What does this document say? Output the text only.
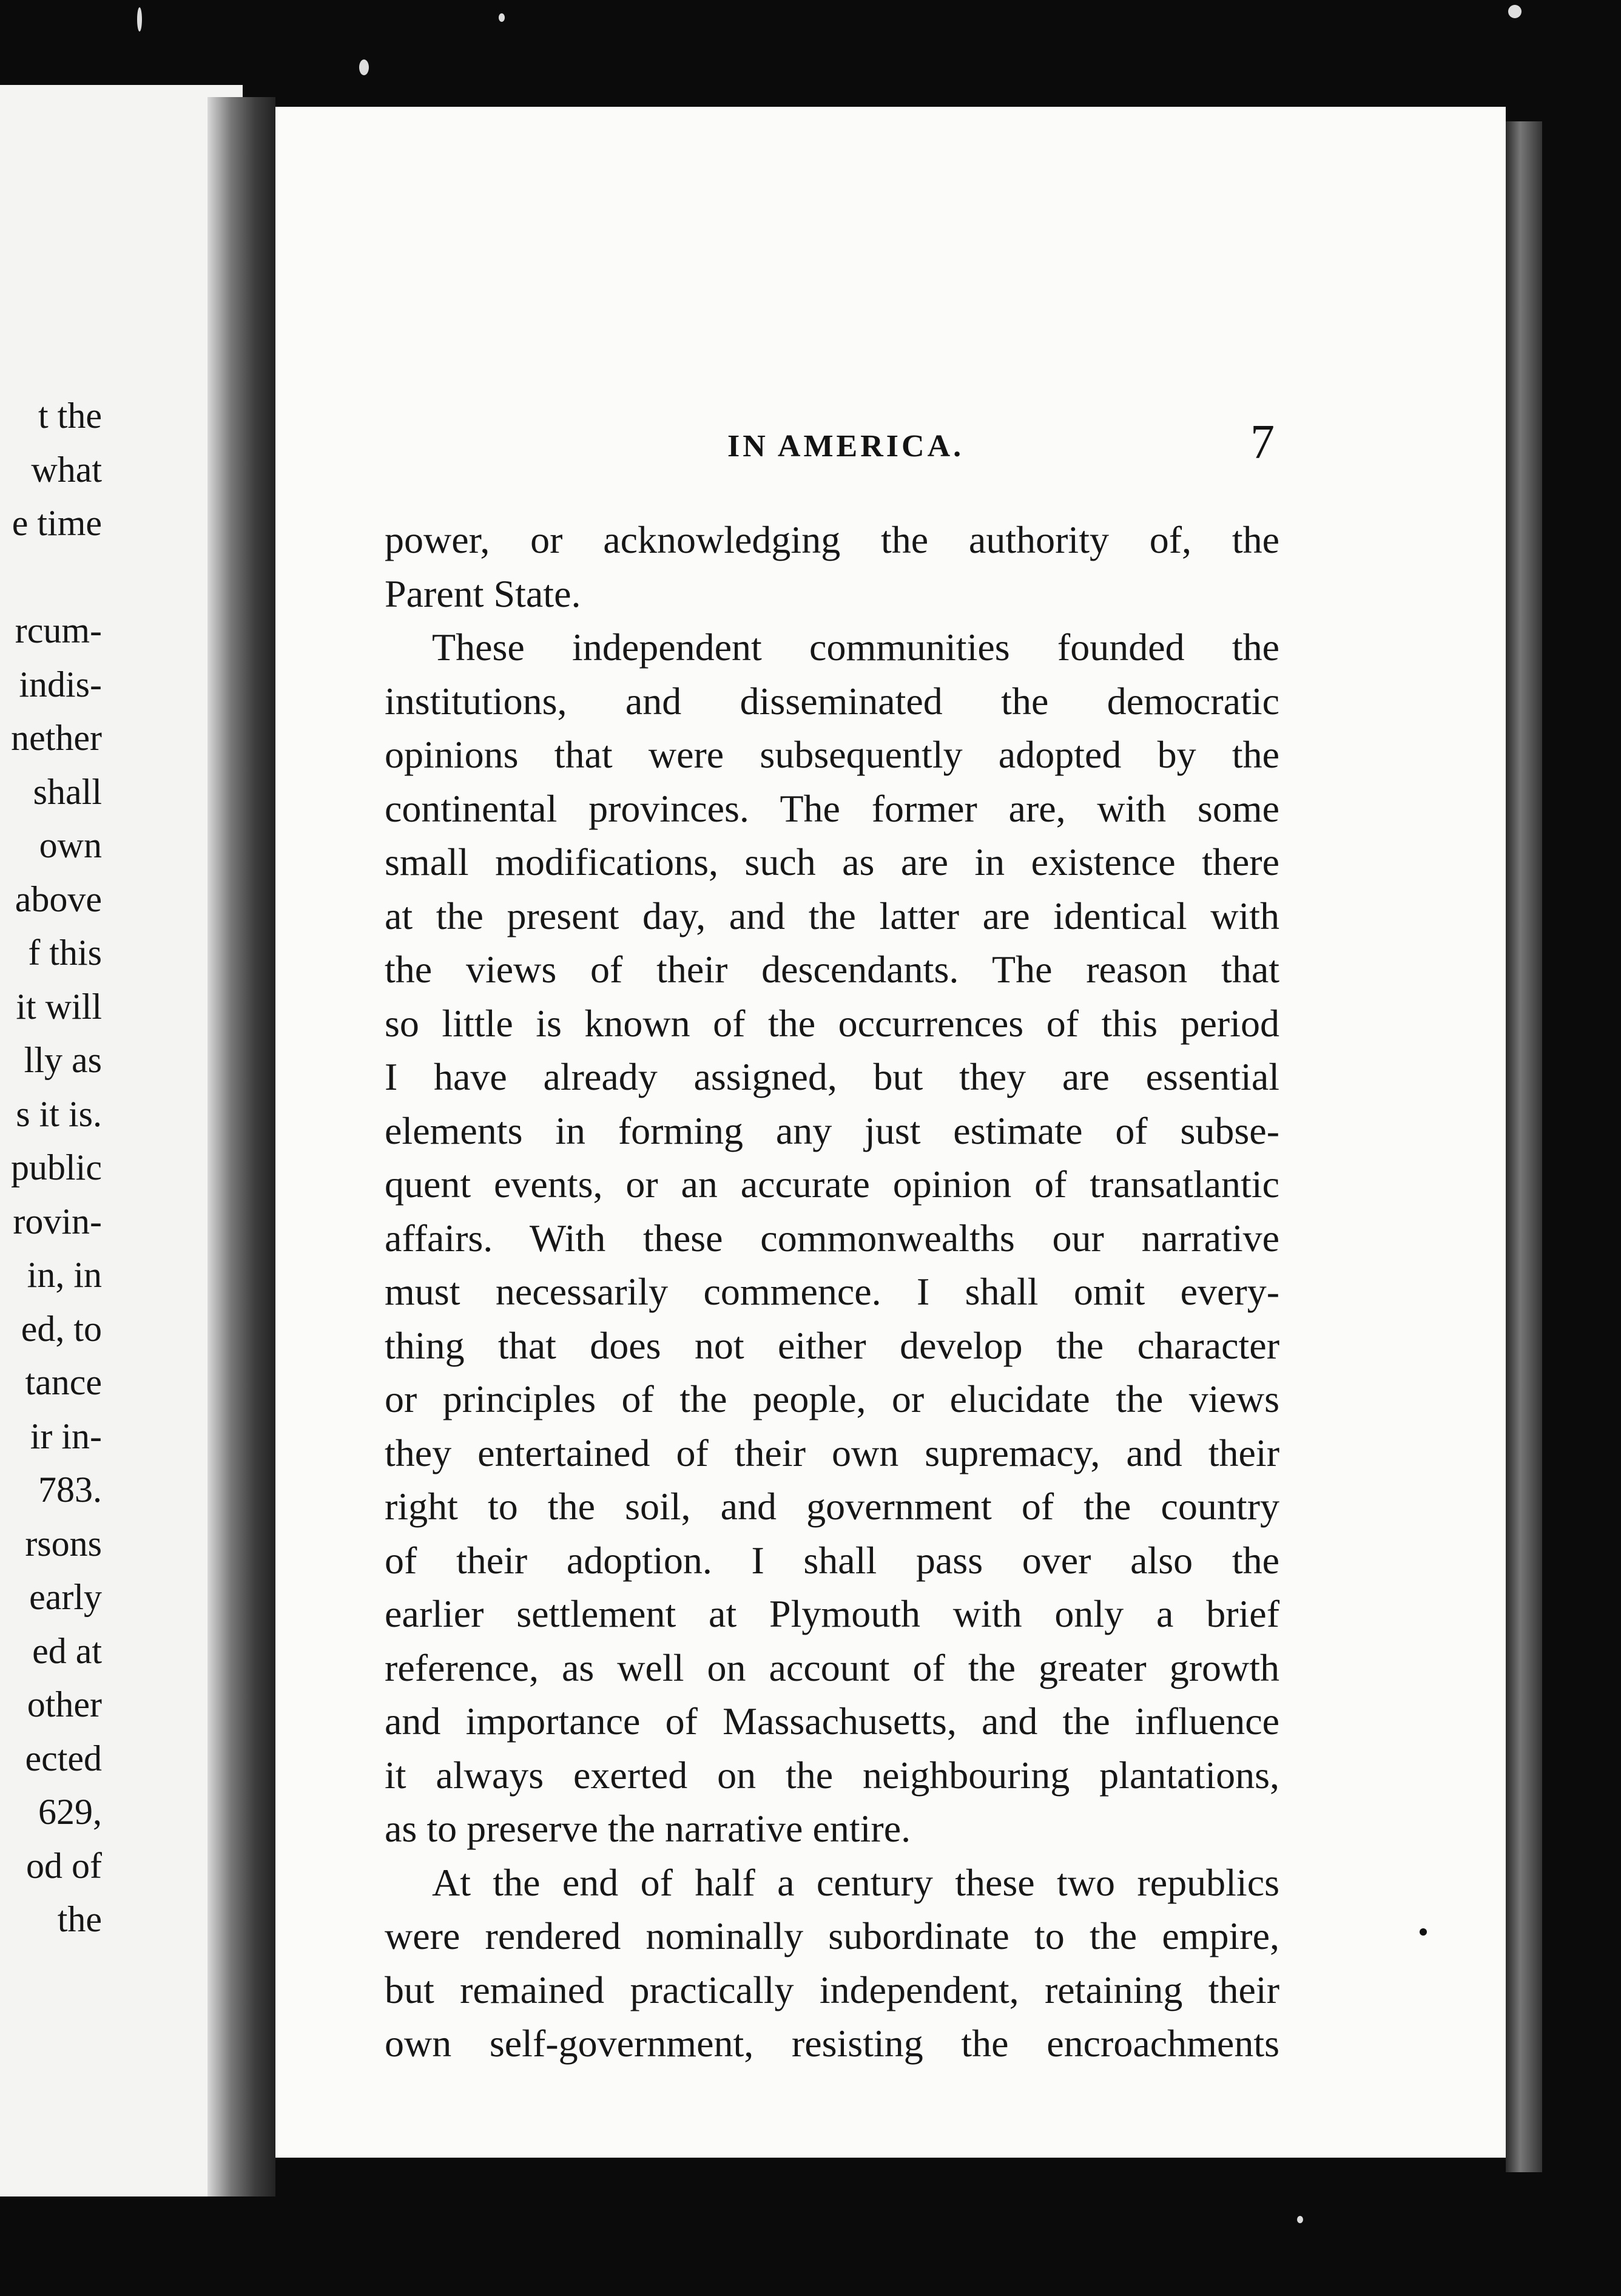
t the
what
e time
rcum-
indis-
nether
shall
own
above
f this
it will
lly as
s it is.
public
rovin-
in, in
ed, to
tance
ir in-
783.
rsons
early
ed at
other
ected
629,
od of
the
IN AMERICA.	7
power, or acknowledging the authority of, the
Parent State.
These independent communities founded the
institutions, and disseminated the democratic
opinions that were subsequently adopted by the
continental provinces. The former are, with some
small modifications, such as are in existence there
at the present day, and the latter are identical with
the views of their descendants. The reason that
so little is known of the occurrences of this period
I have already assigned, but they are essential
elements in forming any just estimate of subse-
quent events, or an accurate opinion of transatlantic
affairs. With these commonwealths our narrative
must necessarily commence. I shall omit every-
thing that does not either develop the character
or principles of the people, or elucidate the views
they entertained of their own supremacy, and their
right to the soil, and government of the country
of their adoption. I shall pass over also the
earlier settlement at Plymouth with only a brief
reference, as well on account of the greater growth
and importance of Massachusetts, and the influence
it always exerted on the neighbouring plantations,
as to preserve the narrative entire.
At the end of half a century these two republics
were rendered nominally subordinate to the empire,
but remained practically independent, retaining their
own self-government, resisting the encroachments
